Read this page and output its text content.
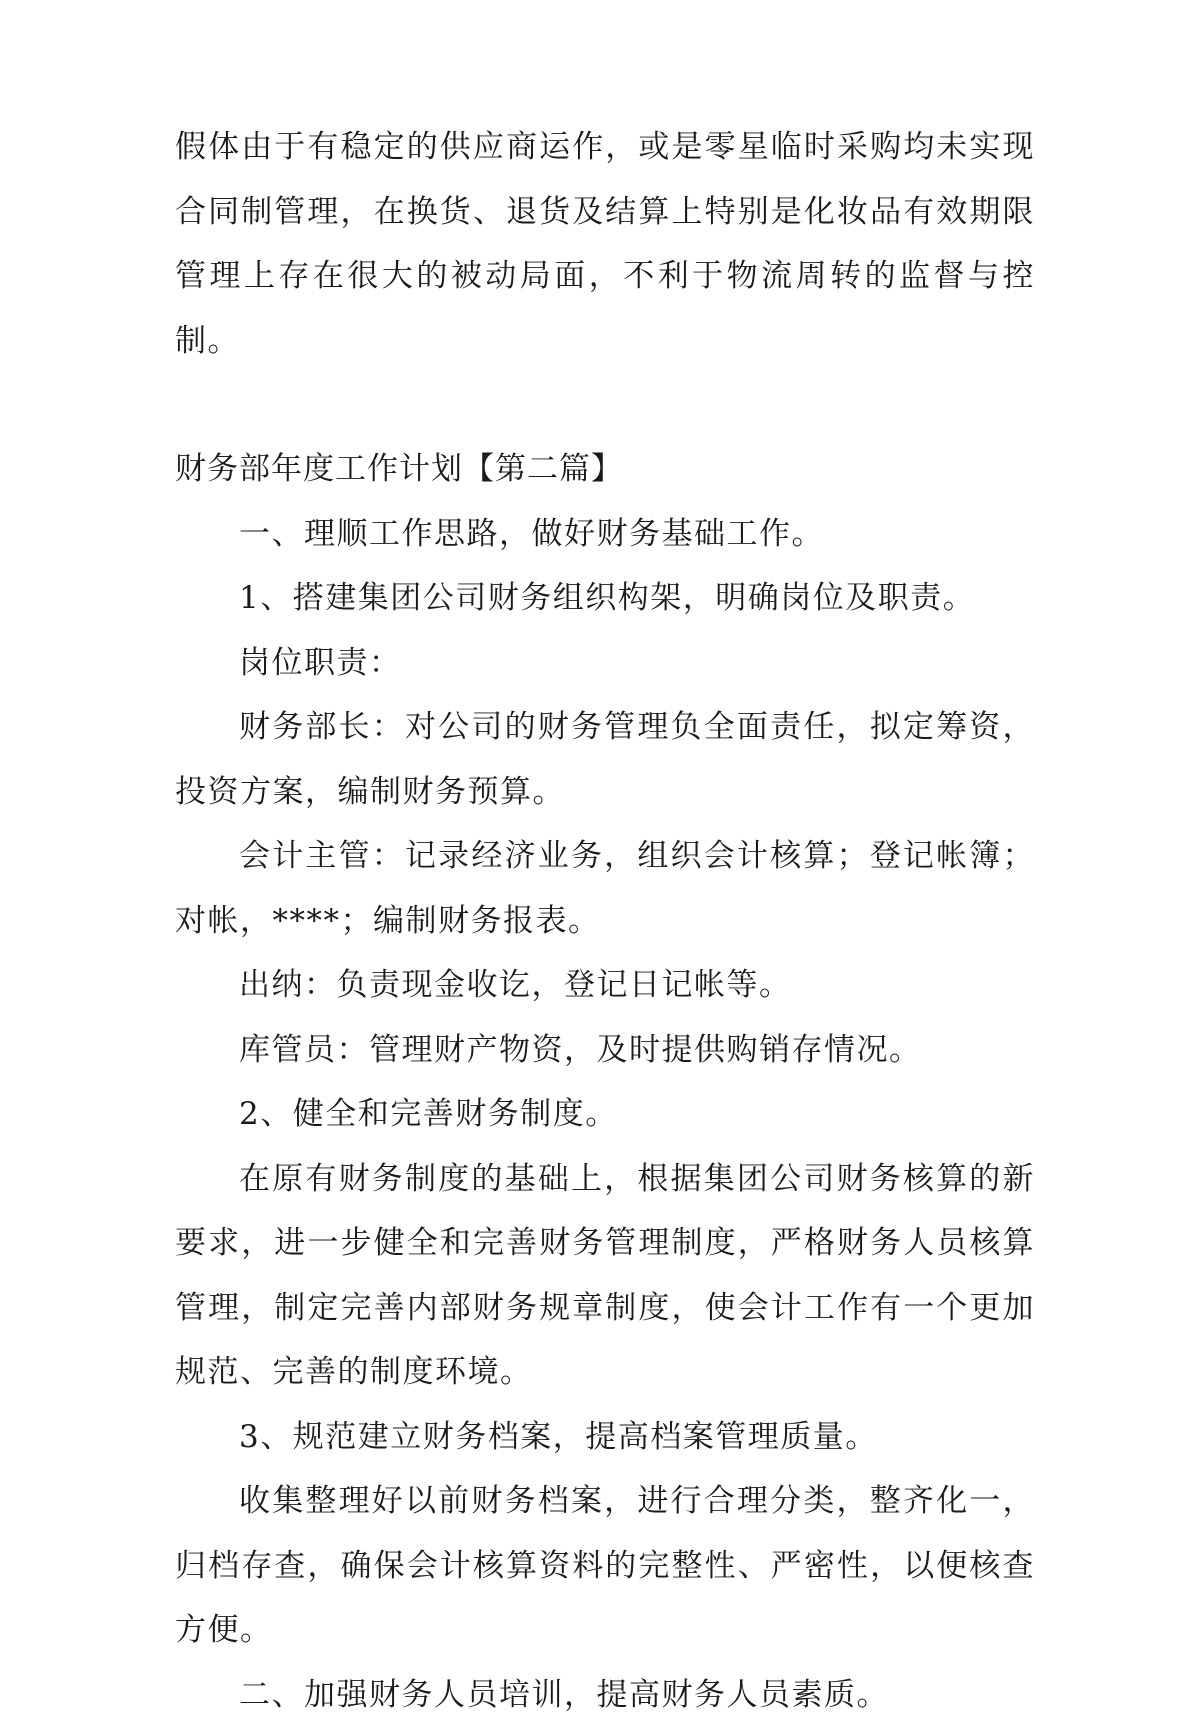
假体由于有稳定的供应商运作，或是零星临时采购均未实现合同制管理，在换货、退货及结算上特别是化妆品有效期限管理上存在很大的被动局面，不利于物流周转的监督与控制。

财务部年度工作计划【第二篇】

一、理顺工作思路，做好财务基础工作。

1、搭建集团公司财务组织构架，明确岗位及职责。

岗位职责：

财务部长：对公司的财务管理负全面责任，拟定筹资，投资方案，编制财务预算。

会计主管：记录经济业务，组织会计核算；登记帐簿；对帐，****；编制财务报表。

出纳：负责现金收讫，登记日记帐等。

库管员：管理财产物资，及时提供购销存情况。

2、健全和完善财务制度。

在原有财务制度的基础上，根据集团公司财务核算的新要求，进一步健全和完善财务管理制度，严格财务人员核算管理，制定完善内部财务规章制度，使会计工作有一个更加规范、完善的制度环境。

3、规范建立财务档案，提高档案管理质量。

收集整理好以前财务档案，进行合理分类，整齐化一，归档存查，确保会计核算资料的完整性、严密性，以便核查方便。

二、加强财务人员培训，提高财务人员素质。
